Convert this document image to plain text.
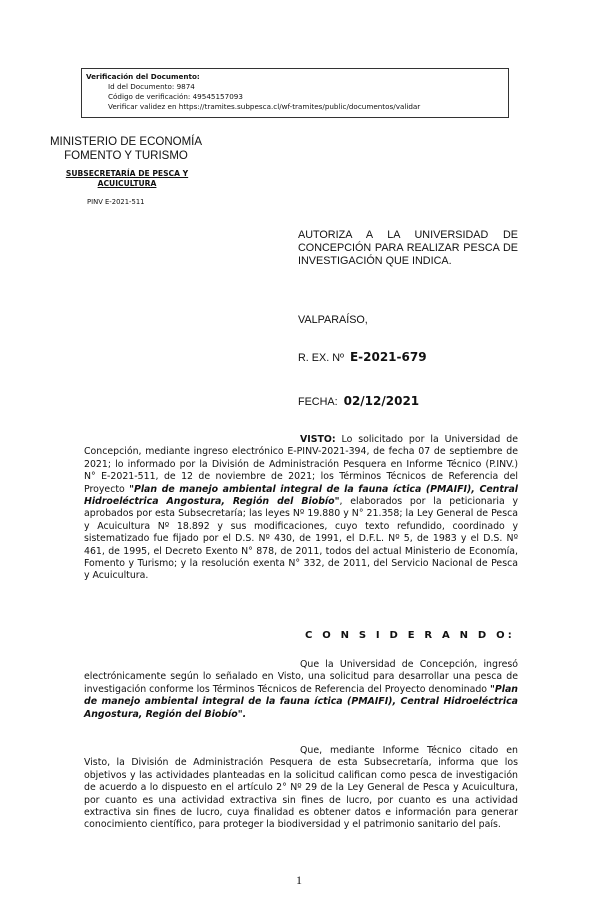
Verificación del Documento:
• Id del Documento: 9874
• Código de verificación: 49545157093
• Verificar validez en https://tramites.subpesca.cl/wf-tramites/public/documentos/validar
MINISTERIO DE ECONOMÍA
FOMENTO Y TURISMO
SUBSECRETARÍA DE PESCA Y ACUICULTURA
PINV E-2021-511
AUTORIZA A LA UNIVERSIDAD DE CONCEPCIÓN PARA REALIZAR PESCA DE INVESTIGACIÓN QUE INDICA.
VALPARAÍSO,
R. EX. Nº E-2021-679
FECHA: 02/12/2021
VISTO: Lo solicitado por la Universidad de Concepción, mediante ingreso electrónico E-PINV-2021-394, de fecha 07 de septiembre de 2021; lo informado por la División de Administración Pesquera en Informe Técnico (P.INV.) N° E-2021-511, de 12 de noviembre de 2021; los Términos Técnicos de Referencia del Proyecto "Plan de manejo ambiental integral de la fauna íctica (PMAIFI), Central Hidroeléctrica Angostura, Región del Biobío", elaborados por la peticionaria y aprobados por esta Subsecretaría; las leyes Nº 19.880 y N° 21.358; la Ley General de Pesca y Acuicultura Nº 18.892 y sus modificaciones, cuyo texto refundido, coordinado y sistematizado fue fijado por el D.S. Nº 430, de 1991, el D.F.L. Nº 5, de 1983 y el D.S. Nº 461, de 1995, el Decreto Exento N° 878, de 2011, todos del actual Ministerio de Economía, Fomento y Turismo; y la resolución exenta N° 332, de 2011, del Servicio Nacional de Pesca y Acuicultura.
C O N S I D E R A N D O:
Que la Universidad de Concepción, ingresó electrónicamente según lo señalado en Visto, una solicitud para desarrollar una pesca de investigación conforme los Términos Técnicos de Referencia del Proyecto denominado "Plan de manejo ambiental integral de la fauna íctica (PMAIFI), Central Hidroeléctrica Angostura, Región del Biobío".
Que, mediante Informe Técnico citado en Visto, la División de Administración Pesquera de esta Subsecretaría, informa que los objetivos y las actividades planteadas en la solicitud califican como pesca de investigación de acuerdo a lo dispuesto en el artículo 2° Nº 29 de la Ley General de Pesca y Acuicultura, por cuanto es una actividad extractiva sin fines de lucro, por cuanto es una actividad extractiva sin fines de lucro, cuya finalidad es obtener datos e información para generar conocimiento científico, para proteger la biodiversidad y el patrimonio sanitario del país.
1
